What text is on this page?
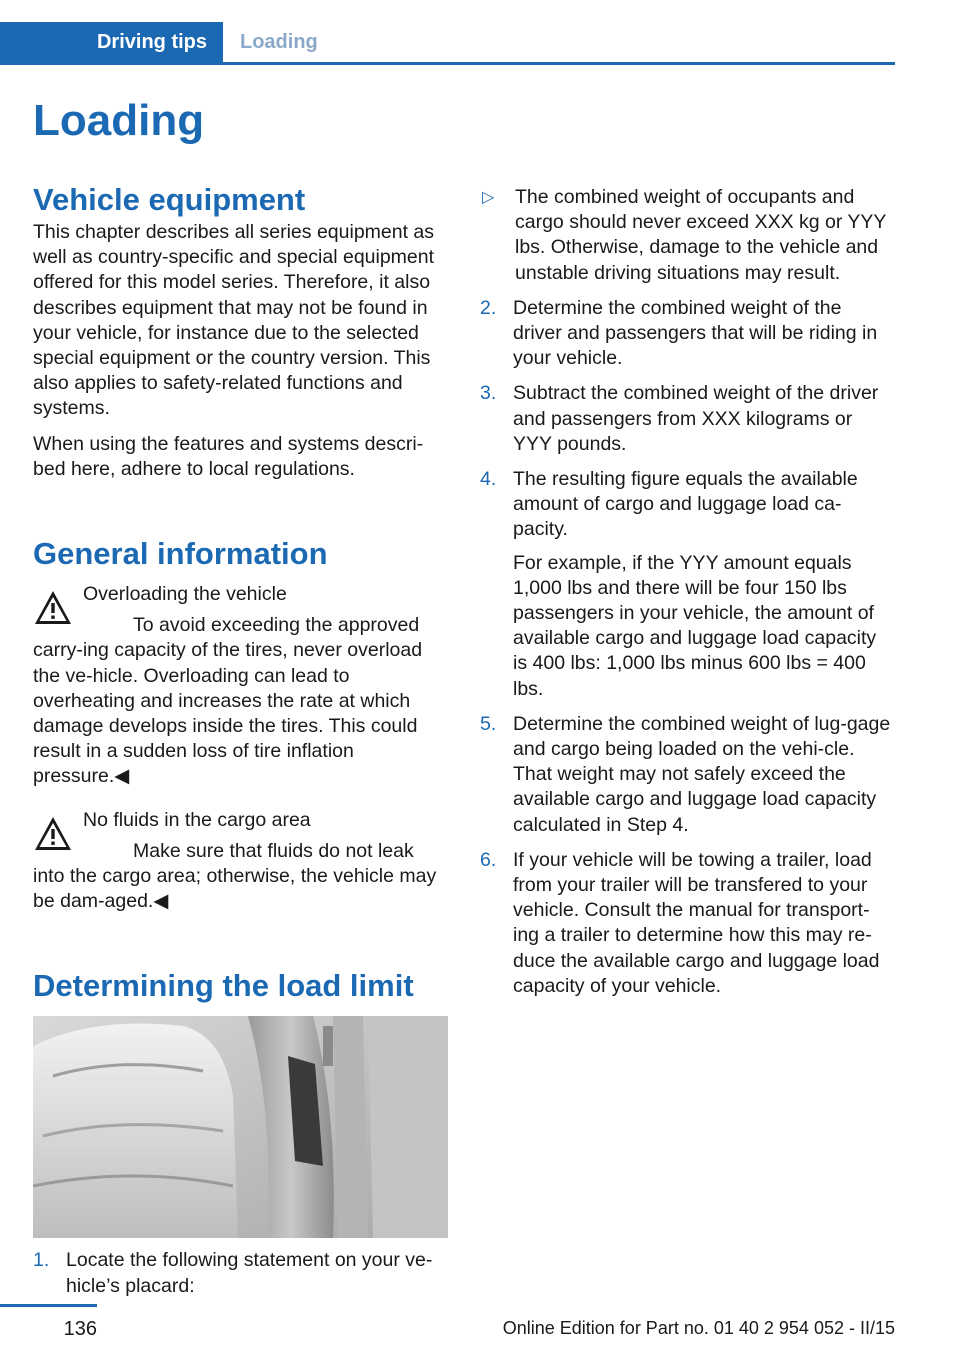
Driving tips	Loading
Loading
Vehicle equipment

This chapter describes all series equipment as well as country-specific and special equipment offered for this model series. Therefore, it also describes equipment that may not be found in your vehicle, for instance due to the selected special equipment or the country version. This also applies to safety-related functions and systems.

When using the features and systems descri-bed here, adhere to local regulations.

General information

Overloading the vehicle

To avoid exceeding the approved carry-ing capacity of the tires, never overload the ve-hicle. Overloading can lead to overheating and increases the rate at which damage develops inside the tires. This could result in a sudden loss of tire inflation pressure.◀

No fluids in the cargo area

Make sure that fluids do not leak into the cargo area; otherwise, the vehicle may be dam-aged.◀

Determining the load limit
1. Locate the following statement on your ve-hicle’s placard:

▷	The combined weight of occupants and cargo should never exceed XXX kg or YYY lbs. Otherwise, damage to the vehicle and unstable driving situations may result.

2. Determine the combined weight of the driver and passengers that will be riding in your vehicle.

3. Subtract the combined weight of the driver and passengers from XXX kilograms or YYY pounds.

4. The resulting figure equals the available amount of cargo and luggage load ca-pacity.

For example, if the YYY amount equals 1,000 lbs and there will be four 150 lbs passengers in your vehicle, the amount of available cargo and luggage load capacity is 400 lbs: 1,000 lbs minus 600 lbs = 400 lbs.

5. Determine the combined weight of lug-gage and cargo being loaded on the vehi-cle. That weight may not safely exceed the available cargo and luggage load capacity calculated in Step 4.

6. If your vehicle will be towing a trailer, load from your trailer will be transfered to your vehicle. Consult the manual for transport-ing a trailer to determine how this may re-duce the available cargo and luggage load capacity of your vehicle.

136	Online Edition for Part no. 01 40 2 954 052 - II/15
